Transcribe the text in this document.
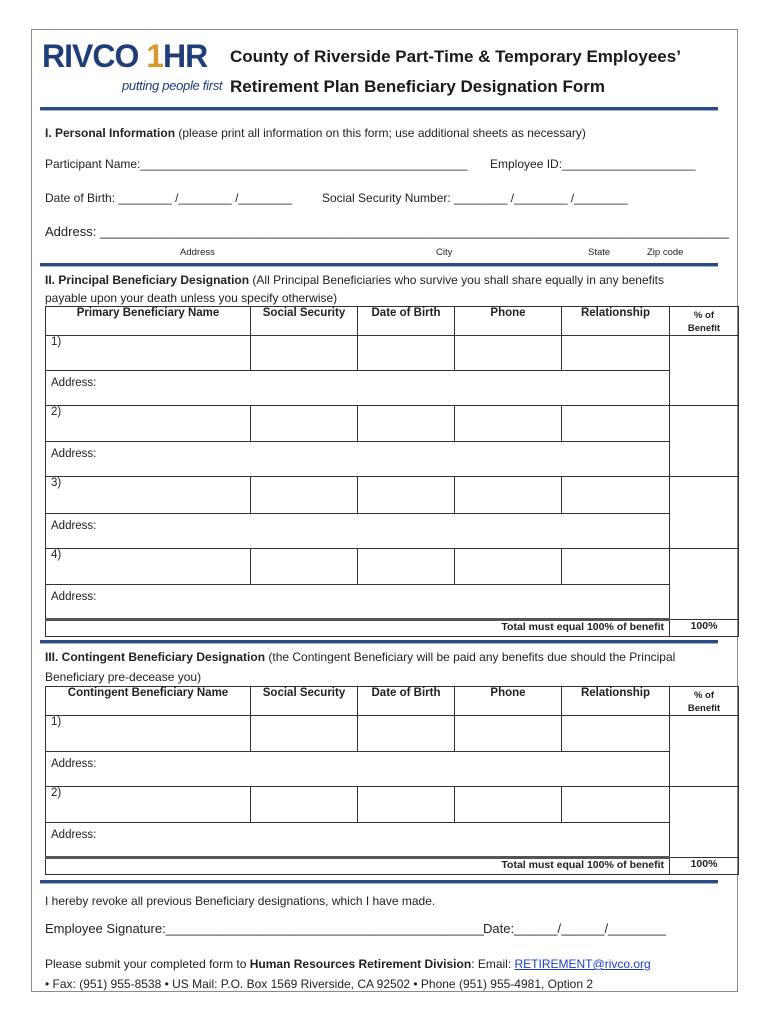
RIVCO 1HR
putting people first
County of Riverside Part-Time & Temporary Employees’
Retirement Plan Beneficiary Designation Form
I. Personal Information (please print all information on this form; use additional sheets as necessary)
Participant Name:_________________________________________________ Employee ID:____________________
Date of Birth: ________ /________ /________	Social Security Number: ________ /________ /________
Address: _______________________________________________________________________________________
Address	City	State	Zip code
II. Principal Beneficiary Designation (All Principal Beneficiaries who survive you shall share equally in any benefits
payable upon your death unless you specify otherwise)
Primary Beneficiary Name	Social Security	Date of Birth	Phone	Relationship	% of
Benefit
1)					
Address:					
2)					
Address:					
3)					
Address:					
4)					
Address:					
Total must equal 100% of benefit					100%
III. Contingent Beneficiary Designation (the Contingent Beneficiary will be paid any benefits due should the Principal
Beneficiary pre-decease you)
Contingent Beneficiary Name	Social Security	Date of Birth	Phone	Relationship	% of
Benefit
1)					
Address:					
2)					
Address:					
Total must equal 100% of benefit					100%
I hereby revoke all previous Beneficiary designations, which I have made.
Employee Signature:____________________________________________ Date:______/______/________
Please submit your completed form to Human Resources Retirement Division: Email: RETIREMENT@rivco.org
• Fax: (951) 955-8538 • US Mail: P.O. Box 1569 Riverside, CA 92502 • Phone (951) 955-4981, Option 2
